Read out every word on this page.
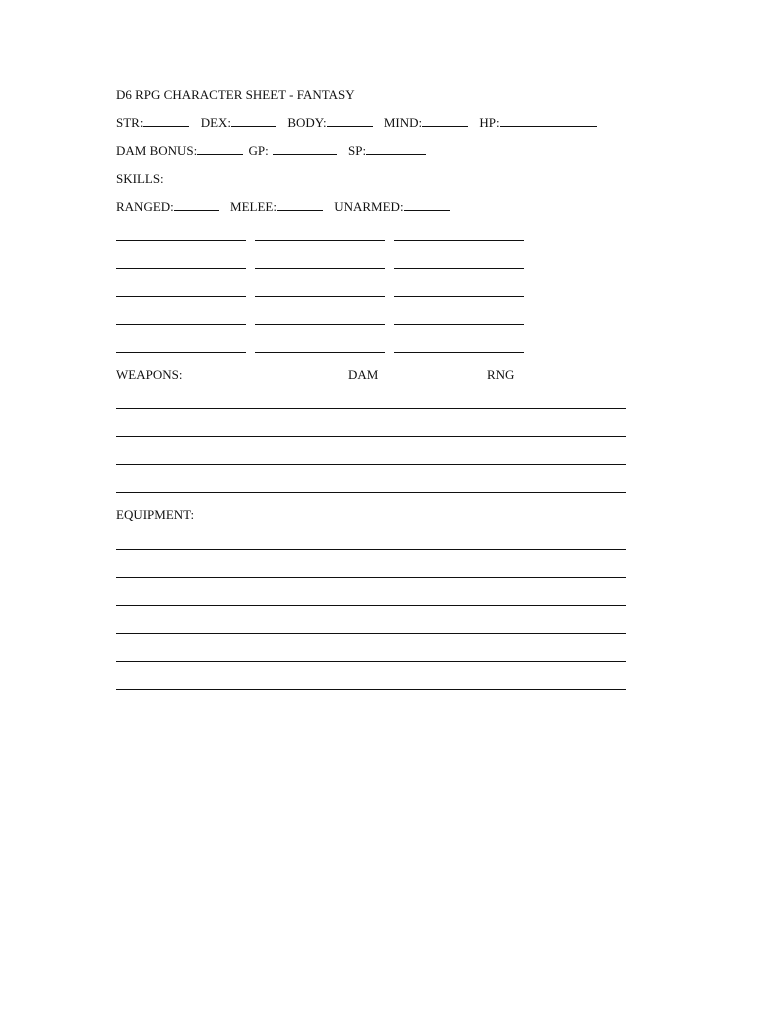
D6 RPG CHARACTER SHEET - FANTASY
STR:	DEX:	BODY:	MIND:	HP:
DAM BONUS:	GP:	SP:
SKILLS:
RANGED:	MELEE:	UNARMED:
WEAPONS:	DAM	RNG
EQUIPMENT:
